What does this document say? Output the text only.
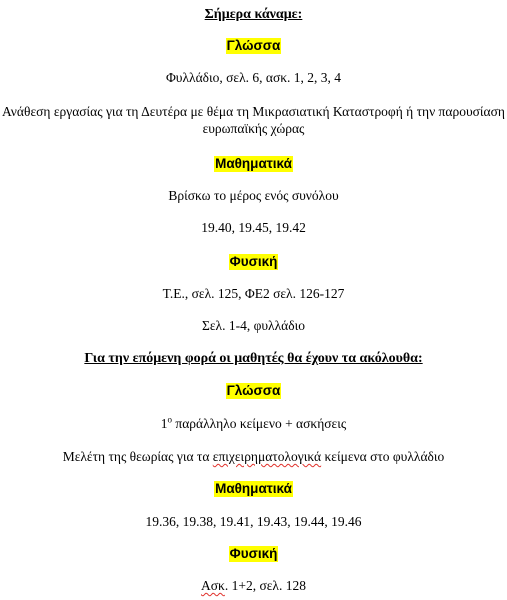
Σήμερα κάναμε:
Γλώσσα
Φυλλάδιο, σελ. 6, ασκ. 1, 2, 3, 4
Ανάθεση εργασίας για τη Δευτέρα με θέμα τη Μικρασιατική Καταστροφή ή την παρουσίαση ευρωπαϊκής χώρας
Μαθηματικά
Βρίσκω το μέρος ενός συνόλου
19.40, 19.45, 19.42
Φυσική
Τ.Ε., σελ. 125, ΦΕ2 σελ. 126-127
Σελ. 1-4, φυλλάδιο
Για την επόμενη φορά οι μαθητές θα έχουν τα ακόλουθα:
Γλώσσα
$1^o$ παράλληλο κείμενο + ασκήσεις
Μελέτη της θεωρίας για τα επιχειρηματολογικά κείμενα στο φυλλάδιο
Μαθηματικά
19.36, 19.38, 19.41, 19.43, 19.44, 19.46
Φυσική
Ασκ. 1+2, σελ. 128
